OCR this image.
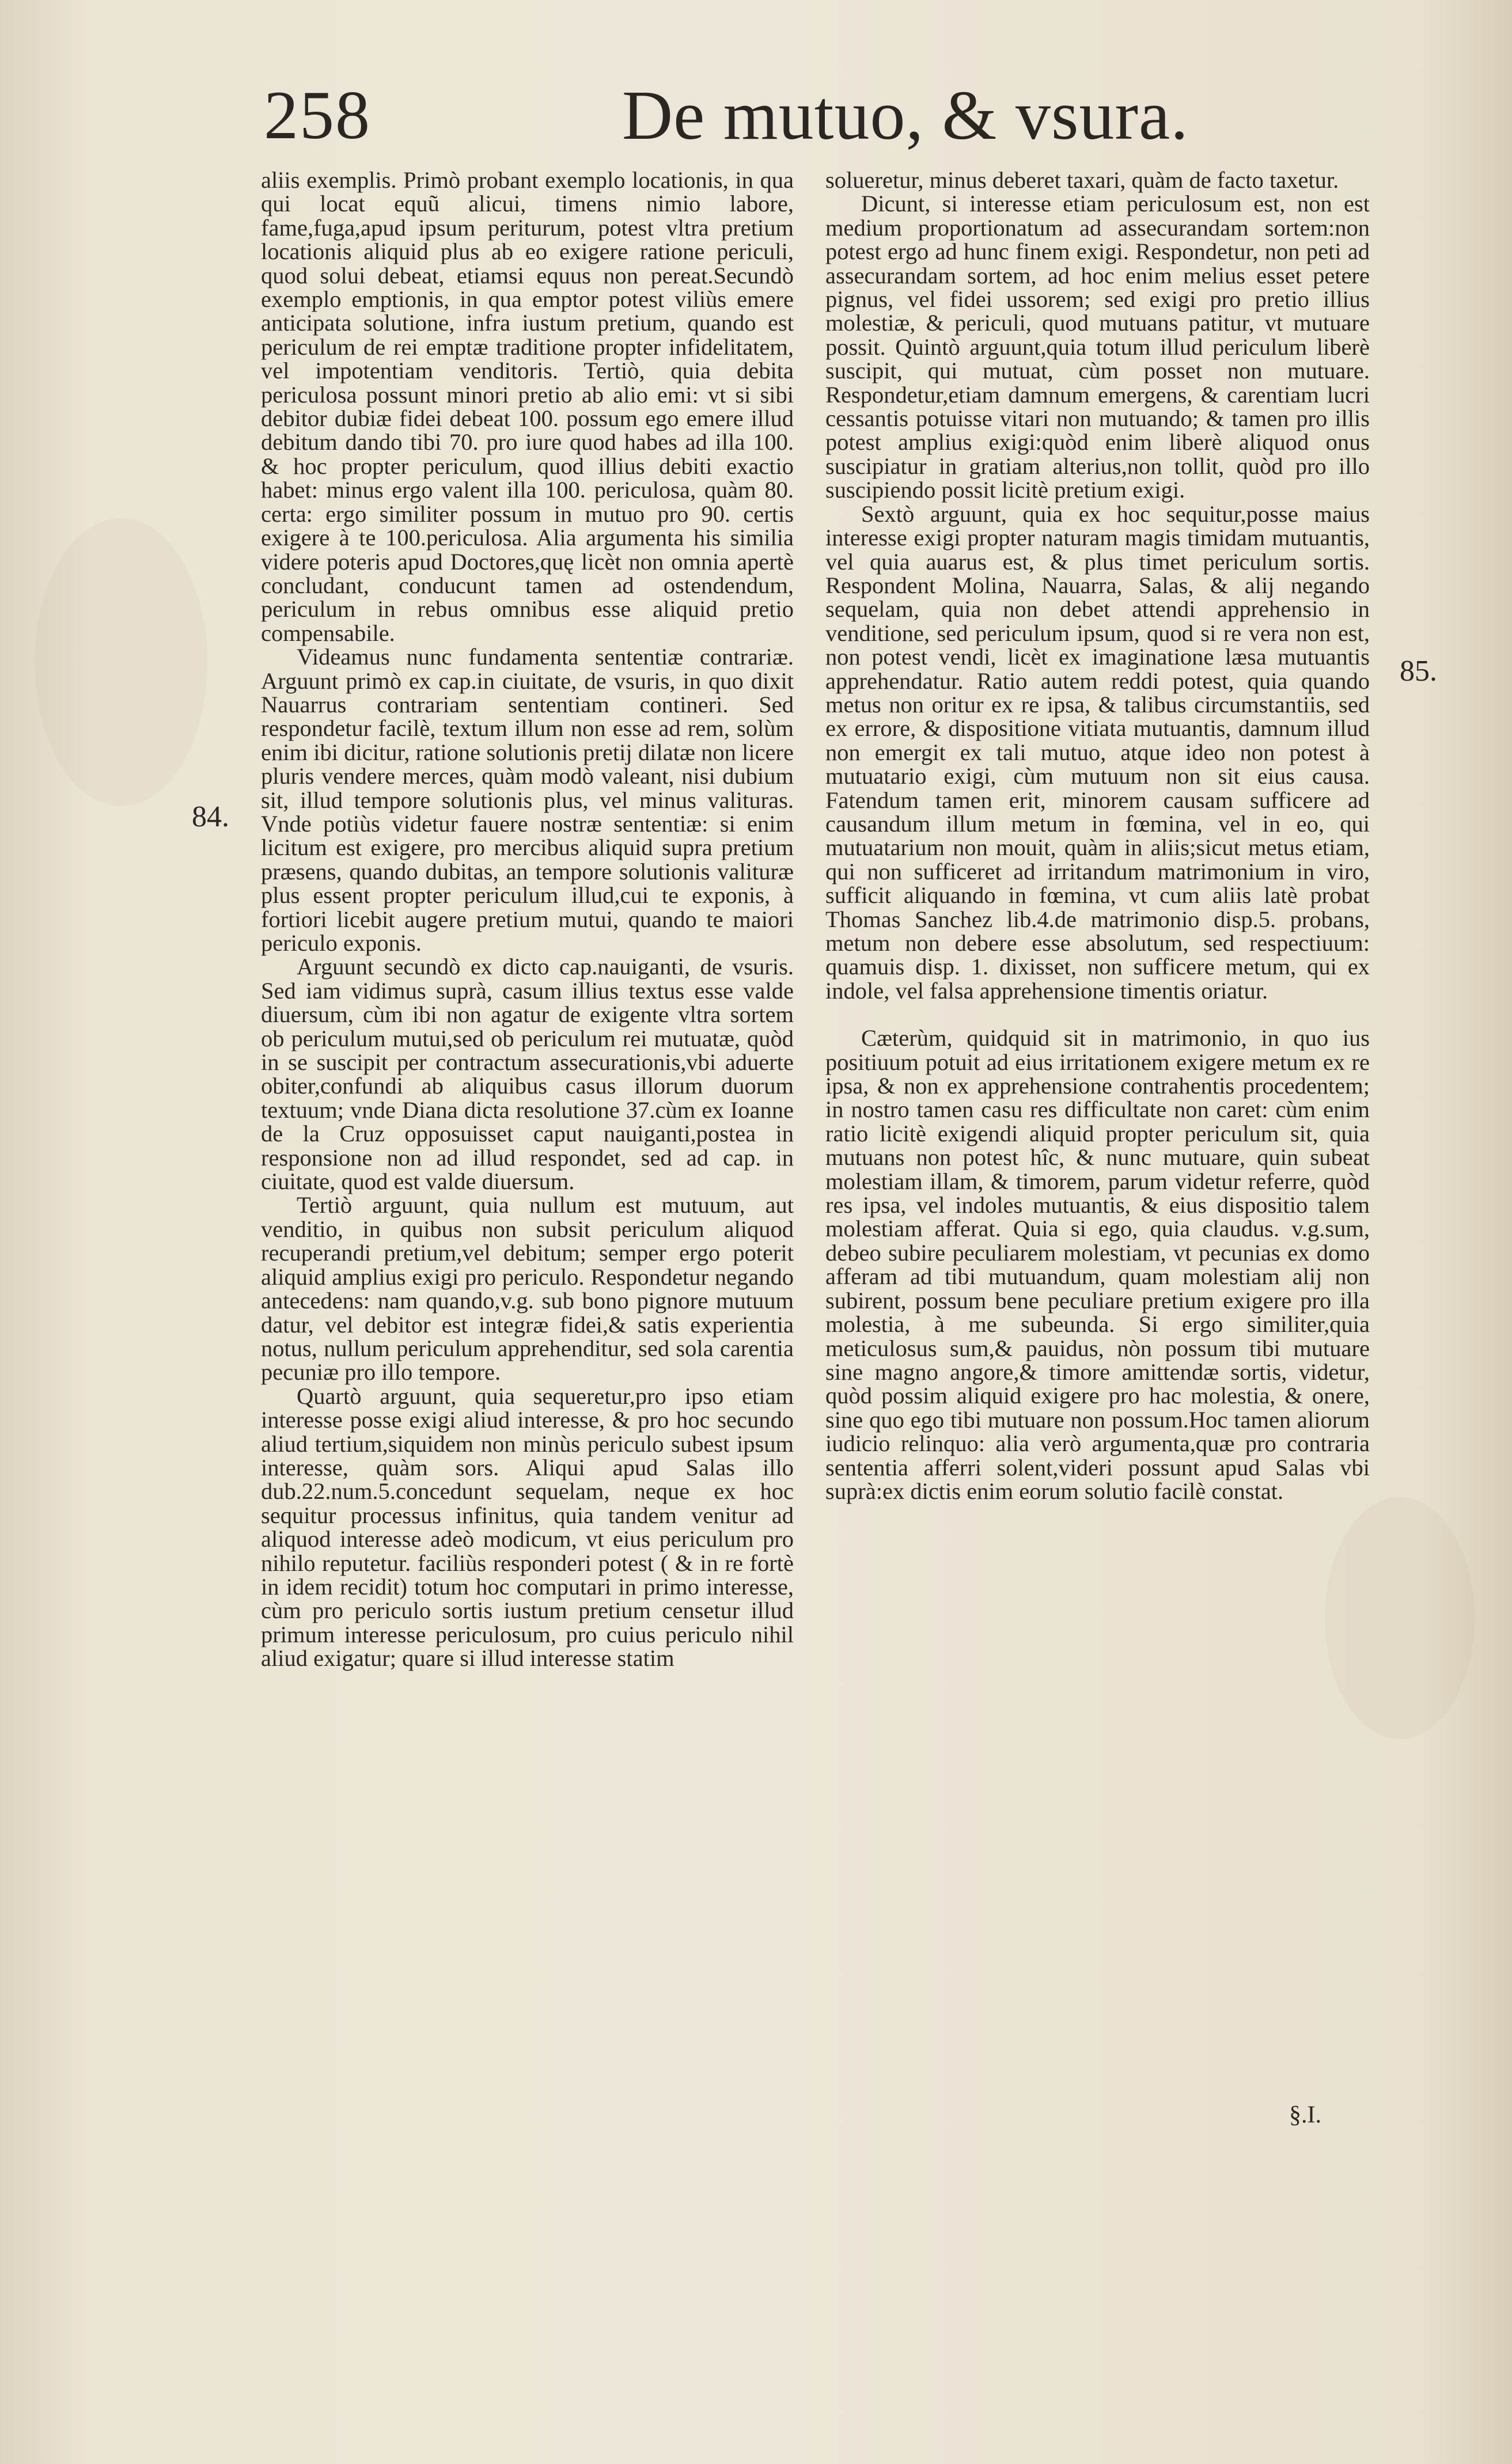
258	De mutuo, & vsura.

aliis exemplis. Primò probant exemplo locationis, in qua qui locat equũ alicui, timens nimio labore, fame,fuga,apud ipsum periturum, potest vltra pretium locationis aliquid plus ab eo exigere ratione periculi, quod solui debeat, etiamsi equus non pereat.Secundò exemplo emptionis, in qua emptor potest viliùs emere anticipata solutione, infra iustum pretium, quando est periculum de rei emptæ traditione propter infidelitatem, vel impotentiam venditoris. Tertiò, quia debita periculosa possunt minori pretio ab alio emi: vt si sibi debitor dubiæ fidei debeat 100. possum ego emere illud debitum dando tibi 70. pro iure quod habes ad illa 100. & hoc propter periculum, quod illius debiti exactio habet: minus ergo valent illa 100. periculosa, quàm 80. certa: ergo similiter possum in mutuo pro 90. certis exigere à te 100.periculosa. Alia argumenta his similia videre poteris apud Doctores,quę licèt non omnia apertè concludant, conducunt tamen ad ostendendum, periculum in rebus omnibus esse aliquid pretio compensabile.

Videamus nunc fundamenta sententiæ contrariæ. Arguunt primò ex cap.in ciuitate, de vsuris, in quo dixit Nauarrus contrariam sententiam contineri. Sed respondetur facilè, textum illum non esse ad rem, solùm enim ibi dicitur, ratione solutionis pretij dilatæ non licere pluris vendere merces, quàm modò valeant, nisi dubium sit, illud tempore solutionis plus, vel minus valituras. Vnde potiùs videtur fauere nostræ sententiæ: si enim licitum est exigere, pro mercibus aliquid supra pretium præsens, quando dubitas, an tempore solutionis valituræ plus essent propter periculum illud,cui te exponis, à fortiori licebit augere pretium mutui, quando te maiori periculo exponis.

Arguunt secundò ex dicto cap.nauiganti, de vsuris. Sed iam vidimus suprà, casum illius textus esse valde diuersum, cùm ibi non agatur de exigente vltra sortem ob periculum mutui,sed ob periculum rei mutuatæ, quòd in se suscipit per contractum assecurationis,vbi aduerte obiter,confundi ab aliquibus casus illorum duorum textuum; vnde Diana dicta resolutione 37.cùm ex Ioanne de la Cruz opposuisset caput nauiganti,postea in responsione non ad illud respondet, sed ad cap. in ciuitate, quod est valde diuersum.

Tertiò arguunt, quia nullum est mutuum, aut venditio, in quibus non subsit periculum aliquod recuperandi pretium,vel debitum; semper ergo poterit aliquid amplius exigi pro periculo. Respondetur negando antecedens: nam quando,v.g. sub bono pignore mutuum datur, vel debitor est integræ fidei,& satis experientia notus, nullum periculum apprehenditur, sed sola carentia pecuniæ pro illo tempore.

Quartò arguunt, quia sequeretur,pro ipso etiam interesse posse exigi aliud interesse, & pro hoc secundo aliud tertium,siquidem non minùs periculo subest ipsum interesse, quàm sors. Aliqui apud Salas illo dub.22.num.5.concedunt sequelam, neque ex hoc sequitur processus infinitus, quia tandem venitur ad aliquod interesse adeò modicum, vt eius periculum pro nihilo reputetur. faciliùs responderi potest ( & in re fortè in idem recidit) totum hoc computari in primo interesse, cùm pro periculo sortis iustum pretium censetur illud primum interesse periculosum, pro cuius periculo nihil aliud exigatur; quare si illud interesse statim

solueretur, minus deberet taxari, quàm de facto taxetur.

Dicunt, si interesse etiam periculosum est, non est medium proportionatum ad assecurandam sortem:non potest ergo ad hunc finem exigi. Respondetur, non peti ad assecurandam sortem, ad hoc enim melius esset petere pignus, vel fidei ussorem; sed exigi pro pretio illius molestiæ, & periculi, quod mutuans patitur, vt mutuare possit. Quintò arguunt,quia totum illud periculum liberè suscipit, qui mutuat, cùm posset non mutuare. Respondetur,etiam damnum emergens, & carentiam lucri cessantis potuisse vitari non mutuando; & tamen pro illis potest amplius exigi:quòd enim liberè aliquod onus suscipiatur in gratiam alterius,non tollit, quòd pro illo suscipiendo possit licitè pretium exigi.

Sextò arguunt, quia ex hoc sequitur,posse maius interesse exigi propter naturam magis timidam mutuantis, vel quia auarus est, & plus timet periculum sortis. Respondent Molina, Nauarra, Salas, & alij negando sequelam, quia non debet attendi apprehensio in venditione, sed periculum ipsum, quod si re vera non est, non potest vendi, licèt ex imaginatione læsa mutuantis apprehendatur. Ratio autem reddi potest, quia quando metus non oritur ex re ipsa, & talibus circumstantiis, sed ex errore, & dispositione vitiata mutuantis, damnum illud non emergit ex tali mutuo, atque ideo non potest à mutuatario exigi, cùm mutuum non sit eius causa. Fatendum tamen erit, minorem causam sufficere ad causandum illum metum in fœmina, vel in eo, qui mutuatarium non mouit, quàm in aliis;sicut metus etiam, qui non sufficeret ad irritandum matrimonium in viro, sufficit aliquando in fœmina, vt cum aliis latè probat Thomas Sanchez lib.4.de matrimonio disp.5. probans, metum non debere esse absolutum, sed respectiuum: quamuis disp. 1. dixisset, non sufficere metum, qui ex indole, vel falsa apprehensione timentis oriatur.

Cæterùm, quidquid sit in matrimonio, in quo ius positiuum potuit ad eius irritationem exigere metum ex re ipsa, & non ex apprehensione contrahentis procedentem; in nostro tamen casu res difficultate non caret: cùm enim ratio licitè exigendi aliquid propter periculum sit, quia mutuans non potest hîc, & nunc mutuare, quin subeat molestiam illam, & timorem, parum videtur referre, quòd res ipsa, vel indoles mutuantis, & eius dispositio talem molestiam afferat. Quia si ego, quia claudus. v.g.sum, debeo subire peculiarem molestiam, vt pecunias ex domo afferam ad tibi mutuandum, quam molestiam alij non subirent, possum bene peculiare pretium exigere pro illa molestia, à me subeunda. Si ergo similiter,quia meticulosus sum,& pauidus, nòn possum tibi mutuare sine magno angore,& timore amittendæ sortis, videtur, quòd possim aliquid exigere pro hac molestia, & onere, sine quo ego tibi mutuare non possum.Hoc tamen aliorum iudicio relinquo: alia verò argumenta,quæ pro contraria sententia afferri solent,videri possunt apud Salas vbi suprà:ex dictis enim eorum solutio facilè constat.

84.
85.
§.I.
